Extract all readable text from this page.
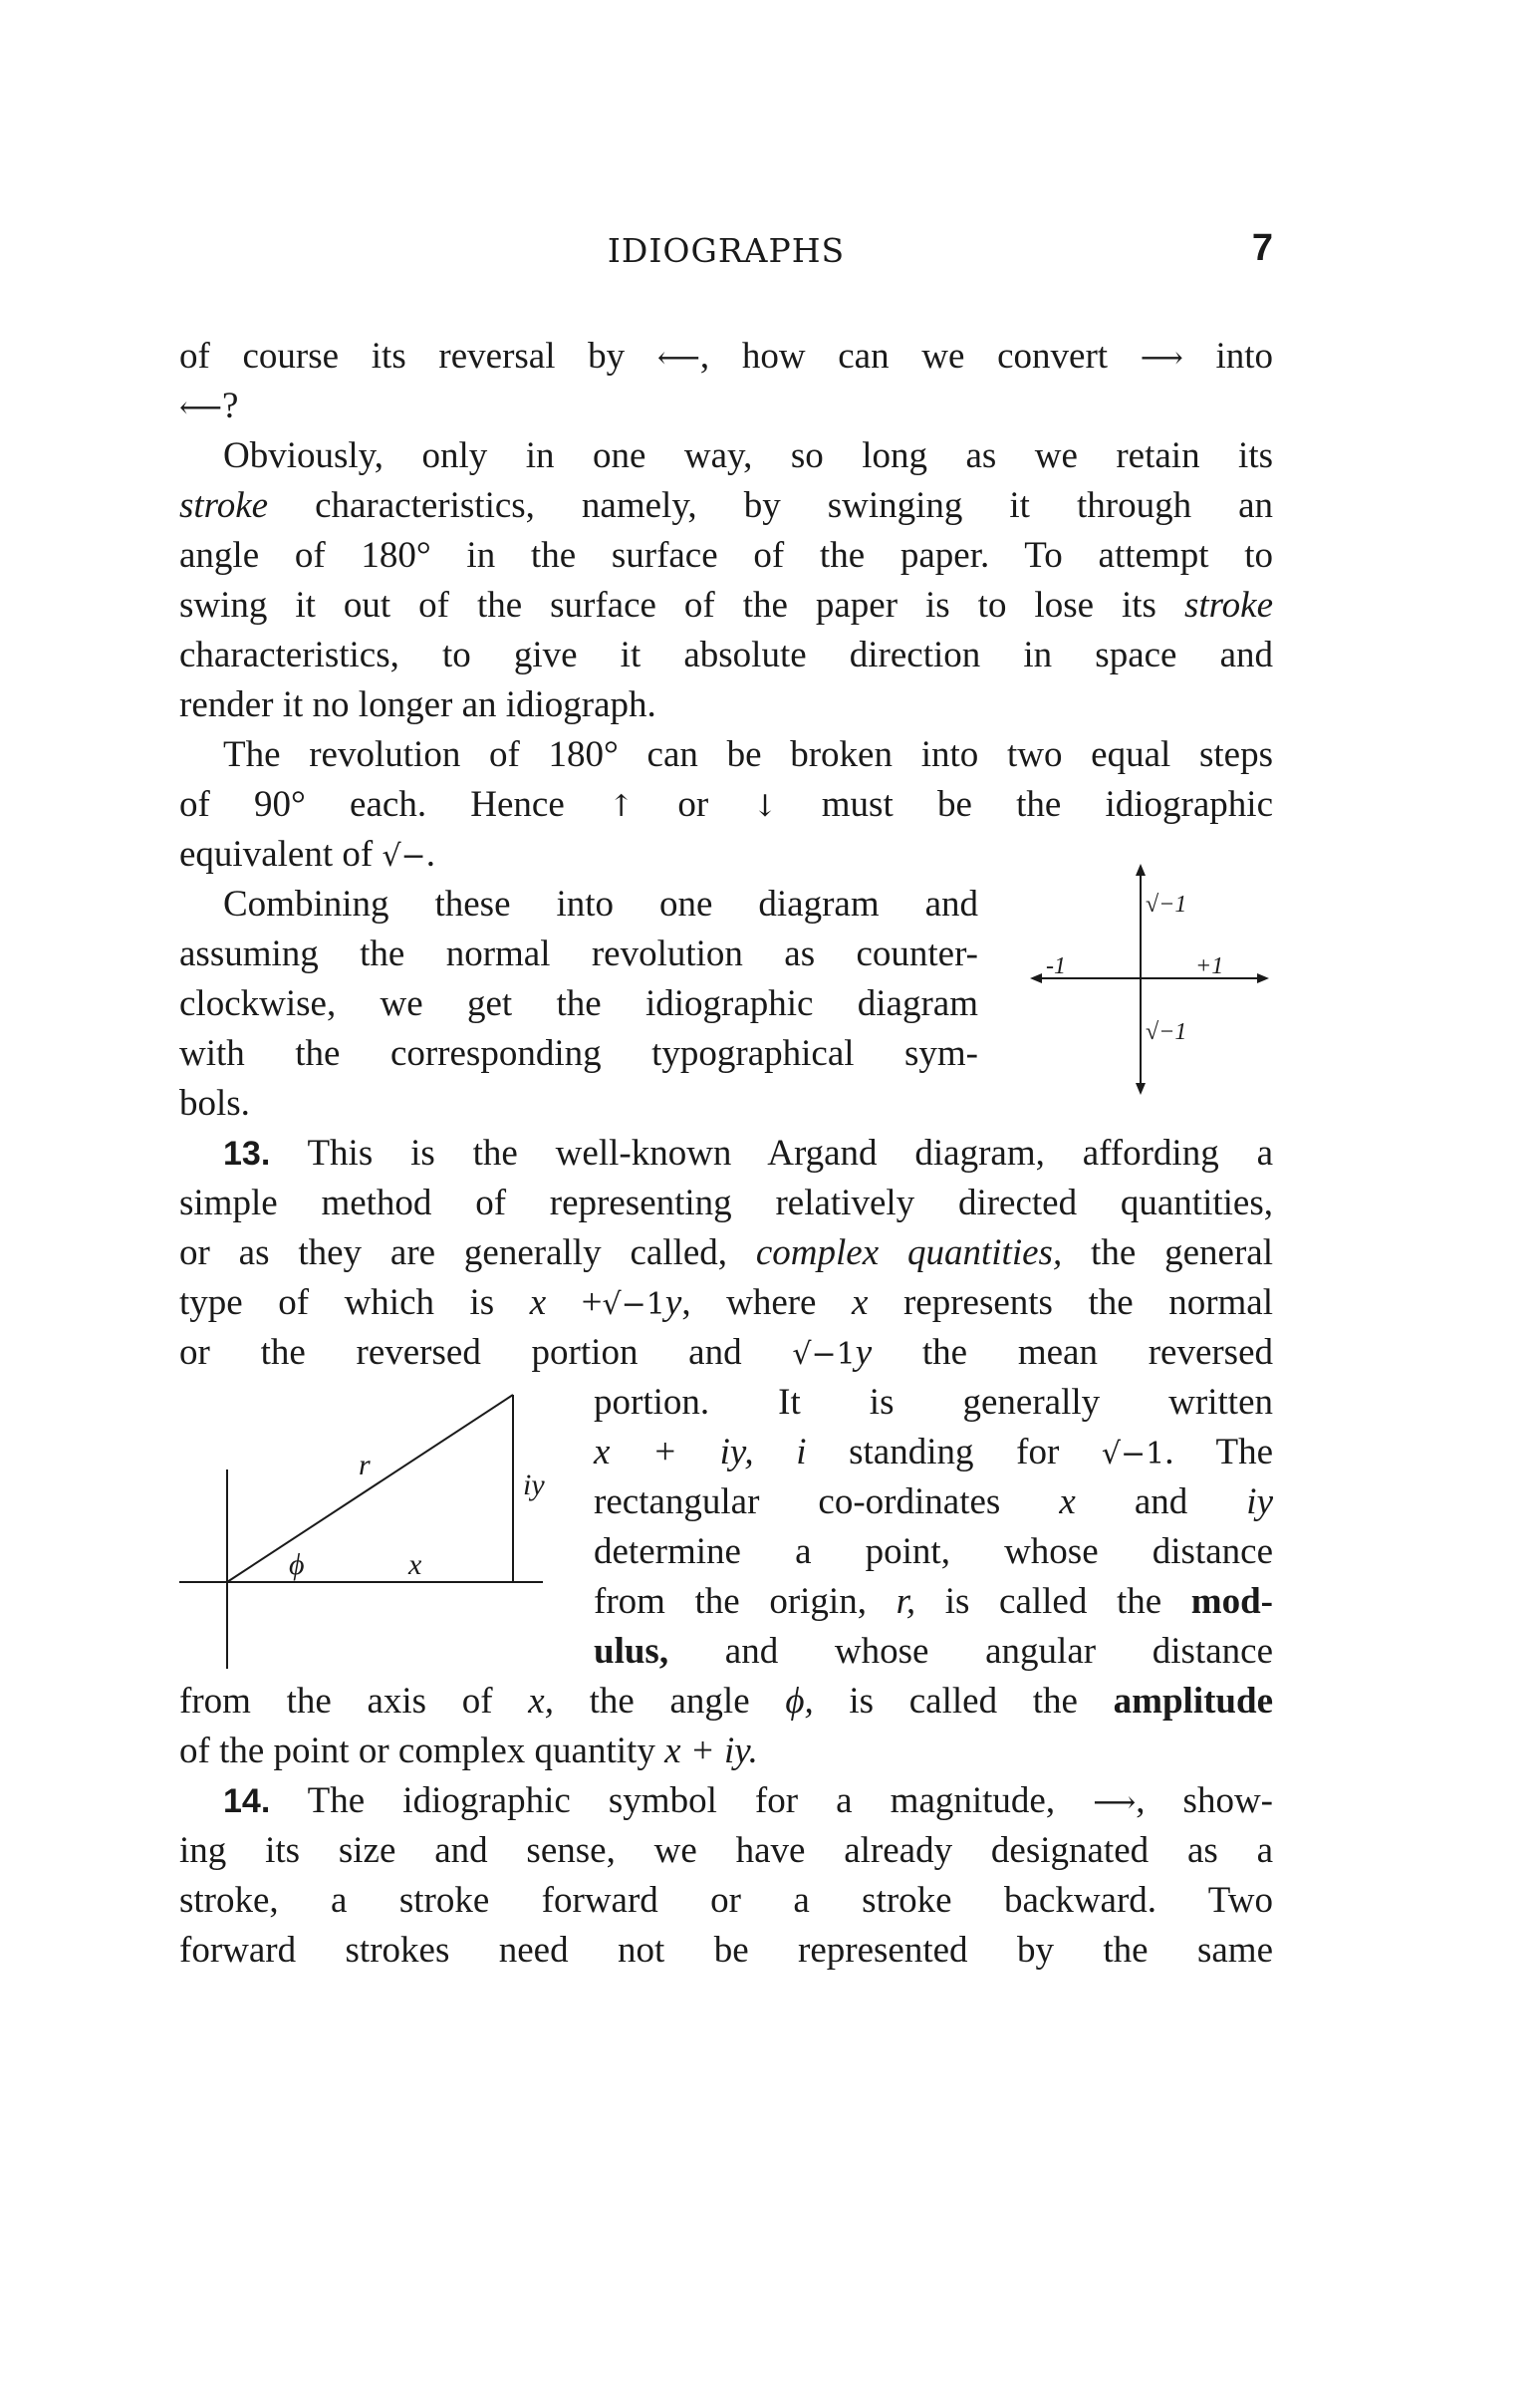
IDIOGRAPHS	7
of course its reversal by ⟵, how can we convert ⟶ into
⟵?
Obviously, only in one way, so long as we retain its
stroke characteristics, namely, by swinging it through an
angle of 180° in the surface of the paper. To attempt to
swing it out of the surface of the paper is to lose its stroke
characteristics, to give it absolute direction in space and
render it no longer an idiograph.
The revolution of 180° can be broken into two equal steps
of 90° each. Hence ↑ or ↓ must be the idiographic
equivalent of √−.
Combining these into one diagram and
assuming the normal revolution as counter-
clockwise, we get the idiographic diagram
with the corresponding typographical sym-
bols.
√−1
√−1
-1	+1
13. This is the well-known Argand diagram, affording a
simple method of representing relatively directed quantities,
or as they are generally called, complex quantities, the general
type of which is x +√−1y, where x represents the normal
or the reversed portion and √−1y the mean reversed
portion. It is generally written
x + iy, i standing for √−1. The
rectangular co-ordinates x and iy
determine a point, whose distance
from the origin, r, is called the mod-
ulus, and whose angular distance
r
iy
ϕ	x
from the axis of x, the angle ϕ, is called the amplitude
of the point or complex quantity x + iy.
14. The idiographic symbol for a magnitude, ⟶, show-
ing its size and sense, we have already designated as a
stroke, a stroke forward or a stroke backward. Two
forward strokes need not be represented by the same
